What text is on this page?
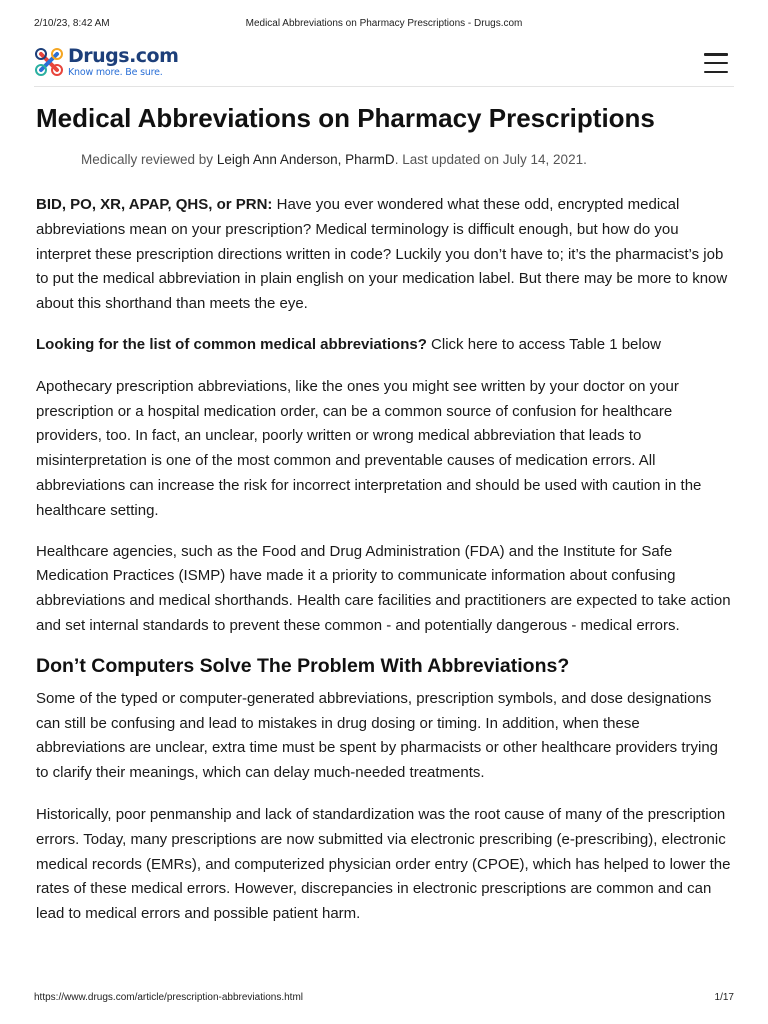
2/10/23, 8:42 AM	Medical Abbreviations on Pharmacy Prescriptions - Drugs.com
Drugs.com
Know more. Be sure.
Medical Abbreviations on Pharmacy Prescriptions
Medically reviewed by Leigh Ann Anderson, PharmD. Last updated on July 14, 2021.

BID, PO, XR, APAP, QHS, or PRN: Have you ever wondered what these odd, encrypted medical abbreviations mean on your prescription? Medical terminology is difficult enough, but how do you interpret these prescription directions written in code? Luckily you don’t have to; it’s the pharmacist’s job to put the medical abbreviation in plain english on your medication label. But there may be more to know about this shorthand than meets the eye.

Looking for the list of common medical abbreviations? Click here to access Table 1 below

Apothecary prescription abbreviations, like the ones you might see written by your doctor on your prescription or a hospital medication order, can be a common source of confusion for healthcare providers, too. In fact, an unclear, poorly written or wrong medical abbreviation that leads to misinterpretation is one of the most common and preventable causes of medication errors. All abbreviations can increase the risk for incorrect interpretation and should be used with caution in the healthcare setting.

Healthcare agencies, such as the Food and Drug Administration (FDA) and the Institute for Safe Medication Practices (ISMP) have made it a priority to communicate information about confusing abbreviations and medical shorthands. Health care facilities and practitioners are expected to take action and set internal standards to prevent these common - and potentially dangerous - medical errors.

Don’t Computers Solve The Problem With Abbreviations?

Some of the typed or computer-generated abbreviations, prescription symbols, and dose designations can still be confusing and lead to mistakes in drug dosing or timing. In addition, when these abbreviations are unclear, extra time must be spent by pharmacists or other healthcare providers trying to clarify their meanings, which can delay much-needed treatments.

Historically, poor penmanship and lack of standardization was the root cause of many of the prescription errors. Today, many prescriptions are now submitted via electronic prescribing (e-prescribing), electronic medical records (EMRs), and computerized physician order entry (CPOE), which has helped to lower the rates of these medical errors. However, discrepancies in electronic prescriptions are common and can lead to medical errors and possible patient harm.

https://www.drugs.com/article/prescription-abbreviations.html	1/17
